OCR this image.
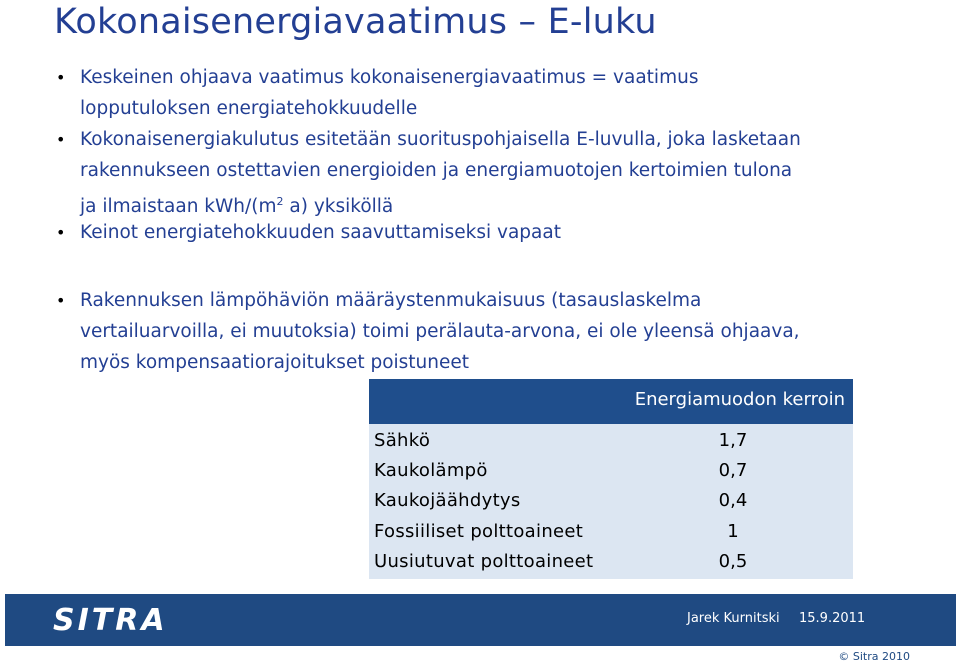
Kokonaisenergiavaatimus – E-luku
• Keskeinen ohjaava vaatimus kokonaisenergiavaatimus = vaatimus
lopputuloksen energiatehokkuudelle
• Kokonaisenergiakulutus esitetään suorituspohjaisella E-luvulla, joka lasketaan
rakennukseen ostettavien energioiden ja energiamuotojen kertoimien tulona
ja ilmaistaan kWh/($m^2$ a) yksiköllä
• Keinot energiatehokkuuden saavuttamiseksi vapaat
• Rakennuksen lämpöhäviön määräystenmukaisuus (tasauslaskelma
vertailuarvoilla, ei muutoksia) toimi perälauta-arvona, ei ole yleensä ohjaava,
myös kompensaatiorajoitukset poistuneet
Energiamuodon kerroin
Sähkö	1,7
Kaukolämpö	0,7
Kaukojäähdytys	0,4
Fossiiliset polttoaineet	1
Uusiutuvat polttoaineet	0,5
SITRA	Jarek Kurnitski 15.9.2011
© Sitra 2010
